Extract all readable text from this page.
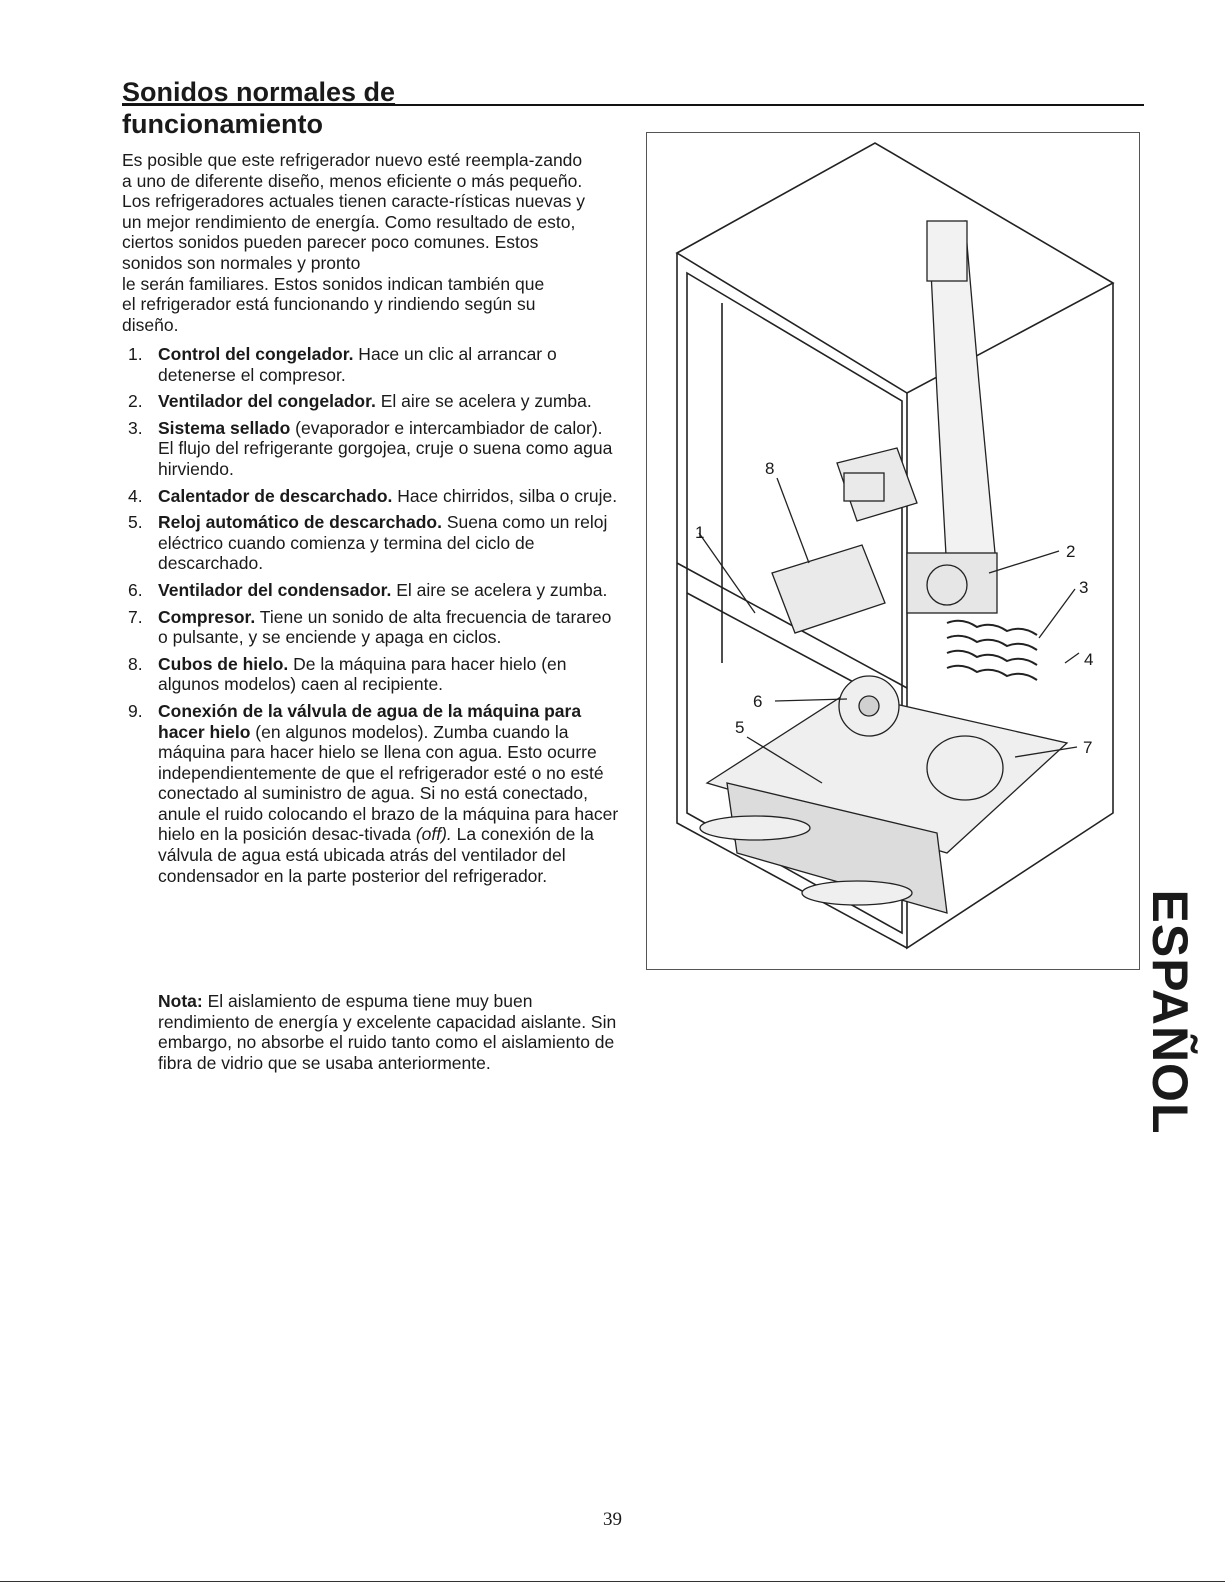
Sonidos normales de
funcionamiento

Es posible que este refrigerador nuevo esté reempla-zando
a uno de diferente diseño, menos eficiente o más pequeño.
Los refrigeradores actuales tienen caracte-rísticas nuevas y
un mejor rendimiento de energía. Como resultado de esto,
ciertos sonidos pueden parecer poco comunes. Estos
sonidos son normales y pronto
le serán familiares. Estos sonidos indican también que
el refrigerador está funcionando y rindiendo según su
diseño.

1. Control del congelador. Hace un clic al arrancar o detenerse el compresor.
2. Ventilador del congelador. El aire se acelera y zumba.
3. Sistema sellado (evaporador e intercambiador de calor). El flujo del refrigerante gorgojea, cruje o suena como agua hirviendo.
4. Calentador de descarchado. Hace chirridos, silba o cruje.
5. Reloj automático de descarchado. Suena como un reloj eléctrico cuando comienza y termina del ciclo de descarchado.
6. Ventilador del condensador. El aire se acelera y zumba.
7. Compresor. Tiene un sonido de alta frecuencia de tarareo o pulsante, y se enciende y apaga en ciclos.
8. Cubos de hielo. De la máquina para hacer hielo (en algunos modelos) caen al recipiente.
9. Conexión de la válvula de agua de la máquina para hacer hielo (en algunos modelos). Zumba cuando la máquina para hacer hielo se llena con agua. Esto ocurre independientemente de que el refrigerador esté o no esté conectado al suministro de agua. Si no está conectado, anule el ruido colocando el brazo de la máquina para hacer hielo en la posición desac-tivada (off). La conexión de la válvula de agua está ubicada atrás del ventilador del condensador en la parte posterior del refrigerador.

Nota: El aislamiento de espuma tiene muy buen rendimiento de energía y excelente capacidad aislante. Sin embargo, no absorbe el ruido tanto como el aislamiento de fibra de vidrio que se usaba anteriormente.

8
1
2
3
4
6
5
7
ESPAÑOL
39
